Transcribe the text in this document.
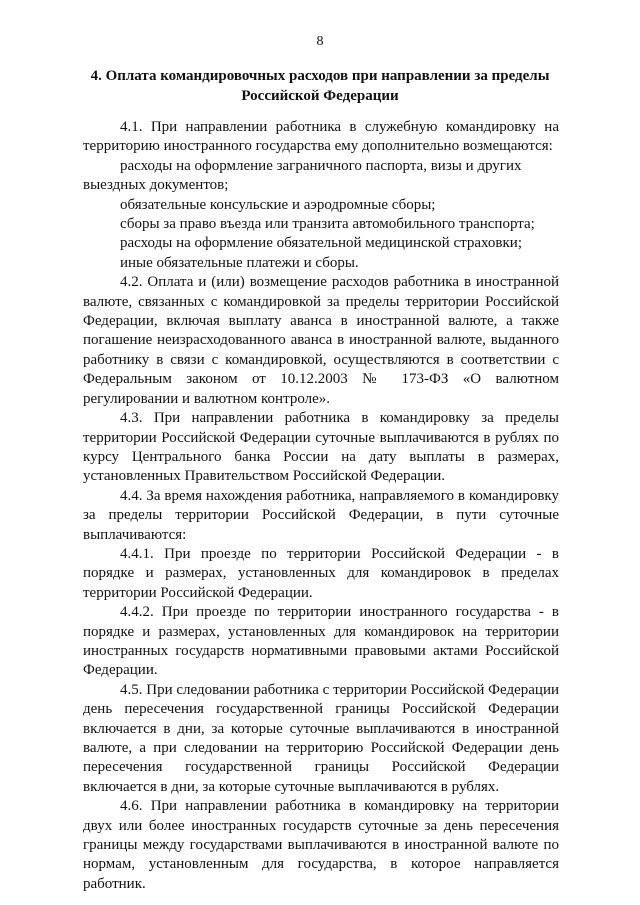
8
4. Оплата командировочных расходов при направлении за пределы
Российской Федерации

4.1. При направлении работника в служебную командировку на территорию иностранного государства ему дополнительно возмещаются:

расходы на оформление заграничного паспорта, визы и других выездных документов;

обязательные консульские и аэродромные сборы;

сборы за право въезда или транзита автомобильного транспорта;

расходы на оформление обязательной медицинской страховки;

иные обязательные платежи и сборы.

4.2. Оплата и (или) возмещение расходов работника в иностранной валюте, связанных с командировкой за пределы территории Российской Федерации, включая выплату аванса в иностранной валюте, а также погашение неизрасходованного аванса в иностранной валюте, выданного работнику в связи с командировкой, осуществляются в соответствии с Федеральным законом от 10.12.2003 № 173-ФЗ «О валютном регулировании и валютном контроле».

4.3. При направлении работника в командировку за пределы территории Российской Федерации суточные выплачиваются в рублях по курсу Центрального банка России на дату выплаты в размерах, установленных Правительством Российской Федерации.

4.4. За время нахождения работника, направляемого в командировку за пределы территории Российской Федерации, в пути суточные выплачиваются:

4.4.1. При проезде по территории Российской Федерации - в порядке и размерах, установленных для командировок в пределах территории Российской Федерации.

4.4.2. При проезде по территории иностранного государства - в порядке и размерах, установленных для командировок на территории иностранных государств нормативными правовыми актами Российской Федерации.

4.5. При следовании работника с территории Российской Федерации день пересечения государственной границы Российской Федерации включается в дни, за которые суточные выплачиваются в иностранной валюте, а при следовании на территорию Российской Федерации день пересечения государственной границы Российской Федерации включается в дни, за которые суточные выплачиваются в рублях.

4.6. При направлении работника в командировку на территории двух или более иностранных государств суточные за день пересечения границы между государствами выплачиваются в иностранной валюте по нормам, установленным для государства, в которое направляется работник.
